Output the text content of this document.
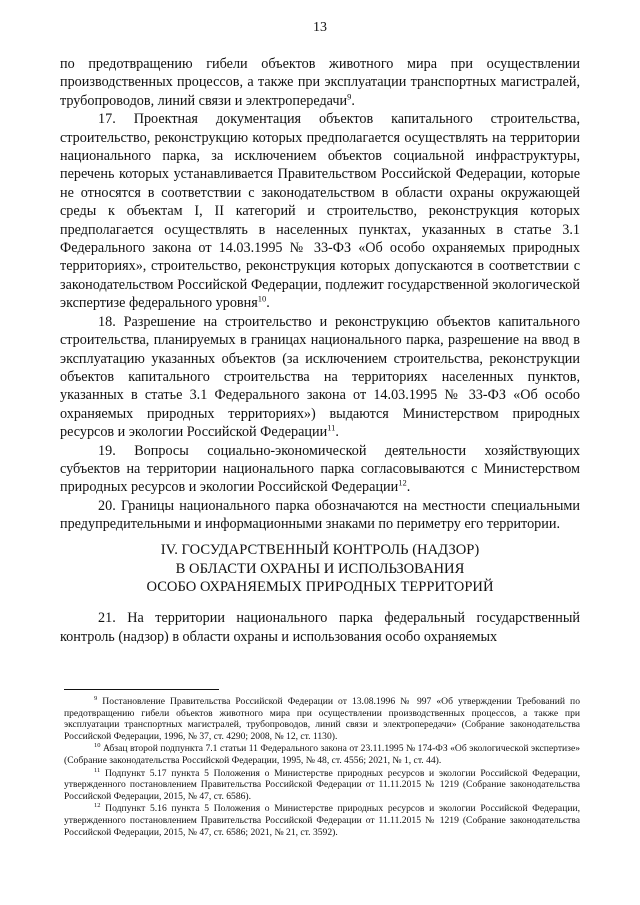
13

по предотвращению гибели объектов животного мира при осуществлении производственных процессов, а также при эксплуатации транспортных магистралей, трубопроводов, линий связи и электропередачи$^9$.

17. Проектная документация объектов капитального строительства, строительство, реконструкцию которых предполагается осуществлять на территории национального парка, за исключением объектов социальной инфраструктуры, перечень которых устанавливается Правительством Российской Федерации, которые не относятся в соответствии с законодательством в области охраны окружающей среды к объектам I, II категорий и строительство, реконструкция которых предполагается осуществлять в населенных пунктах, указанных в статье 3.1 Федерального закона от 14.03.1995 № 33-ФЗ «Об особо охраняемых природных территориях», строительство, реконструкция которых допускаются в соответствии с законодательством Российской Федерации, подлежит государственной экологической экспертизе федерального уровня$^{10}$.

18. Разрешение на строительство и реконструкцию объектов капитального строительства, планируемых в границах национального парка, разрешение на ввод в эксплуатацию указанных объектов (за исключением строительства, реконструкции объектов капитального строительства на территориях населенных пунктов, указанных в статье 3.1 Федерального закона от 14.03.1995 № 33-ФЗ «Об особо охраняемых природных территориях») выдаются Министерством природных ресурсов и экологии Российской Федерации$^{11}$.

19. Вопросы социально-экономической деятельности хозяйствующих субъектов на территории национального парка согласовываются с Министерством природных ресурсов и экологии Российской Федерации$^{12}$.

20. Границы национального парка обозначаются на местности специальными предупредительными и информационными знаками по периметру его территории.

IV. ГОСУДАРСТВЕННЫЙ КОНТРОЛЬ (НАДЗОР)
В ОБЛАСТИ ОХРАНЫ И ИСПОЛЬЗОВАНИЯ
ОСОБО ОХРАНЯЕМЫХ ПРИРОДНЫХ ТЕРРИТОРИЙ

21. На территории национального парка федеральный государственный контроль (надзор) в области охраны и использования особо охраняемых

$^9$ Постановление Правительства Российской Федерации от 13.08.1996 № 997 «Об утверждении Требований по предотвращению гибели объектов животного мира при осуществлении производственных процессов, а также при эксплуатации транспортных магистралей, трубопроводов, линий связи и электропередачи» (Собрание законодательства Российской Федерации, 1996, № 37, ст. 4290; 2008, № 12, ст. 1130).

$^{10}$ Абзац второй подпункта 7.1 статьи 11 Федерального закона от 23.11.1995 № 174-ФЗ «Об экологической экспертизе» (Собрание законодательства Российской Федерации, 1995, № 48, ст. 4556; 2021, № 1, ст. 44).

$^{11}$ Подпункт 5.17 пункта 5 Положения о Министерстве природных ресурсов и экологии Российской Федерации, утвержденного постановлением Правительства Российской Федерации от 11.11.2015 № 1219 (Собрание законодательства Российской Федерации, 2015, № 47, ст. 6586).

$^{12}$ Подпункт 5.16 пункта 5 Положения о Министерстве природных ресурсов и экологии Российской Федерации, утвержденного постановлением Правительства Российской Федерации от 11.11.2015 № 1219 (Собрание законодательства Российской Федерации, 2015, № 47, ст. 6586; 2021, № 21, ст. 3592).
